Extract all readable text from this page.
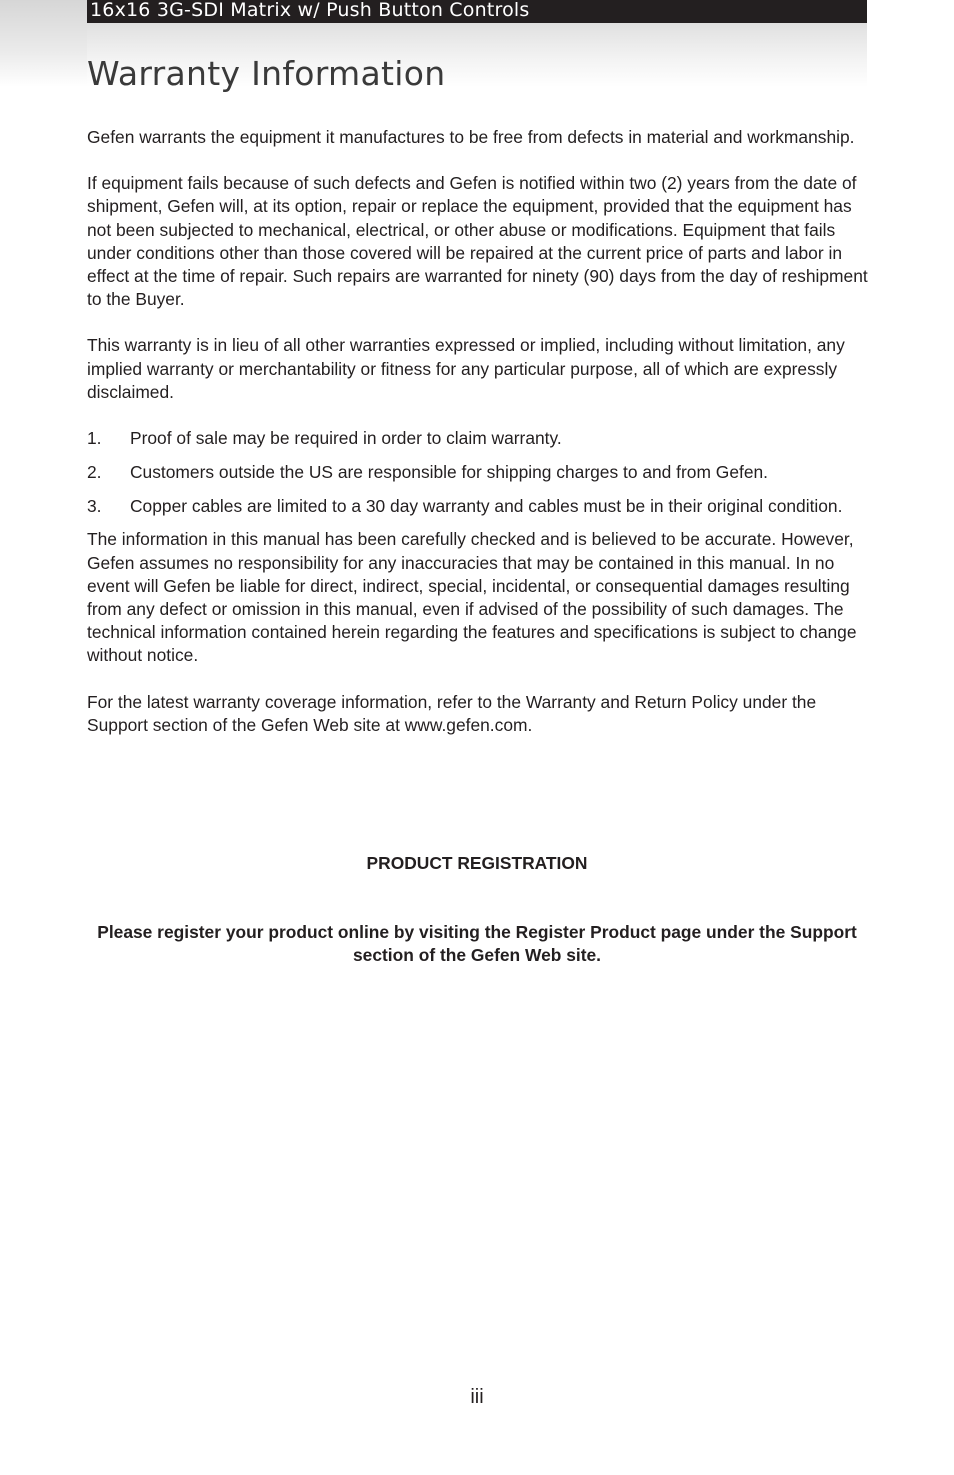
16x16 3G-SDI Matrix w/ Push Button Controls
Warranty Information

Gefen warrants the equipment it manufactures to be free from defects in material and workmanship.

If equipment fails because of such defects and Gefen is notified within two (2) years from the date of shipment, Gefen will, at its option, repair or replace the equipment, provided that the equipment has not been subjected to mechanical, electrical, or other abuse or modifications. Equipment that fails under conditions other than those covered will be repaired at the current price of parts and labor in effect at the time of repair. Such repairs are warranted for ninety (90) days from the day of reshipment to the Buyer.

This warranty is in lieu of all other warranties expressed or implied, including without limitation, any implied warranty or merchantability or fitness for any particular purpose, all of which are expressly disclaimed.

1. Proof of sale may be required in order to claim warranty.
2. Customers outside the US are responsible for shipping charges to and from Gefen.
3. Copper cables are limited to a 30 day warranty and cables must be in their original condition.

The information in this manual has been carefully checked and is believed to be accurate. However, Gefen assumes no responsibility for any inaccuracies that may be contained in this manual. In no event will Gefen be liable for direct, indirect, special, incidental, or consequential damages resulting from any defect or omission in this manual, even if advised of the possibility of such damages. The technical information contained herein regarding the features and specifications is subject to change without notice.

For the latest warranty coverage information, refer to the Warranty and Return Policy under the Support section of the Gefen Web site at www.gefen.com.

PRODUCT REGISTRATION
Please register your product online by visiting the Register Product page under the Support section of the Gefen Web site.
iii
